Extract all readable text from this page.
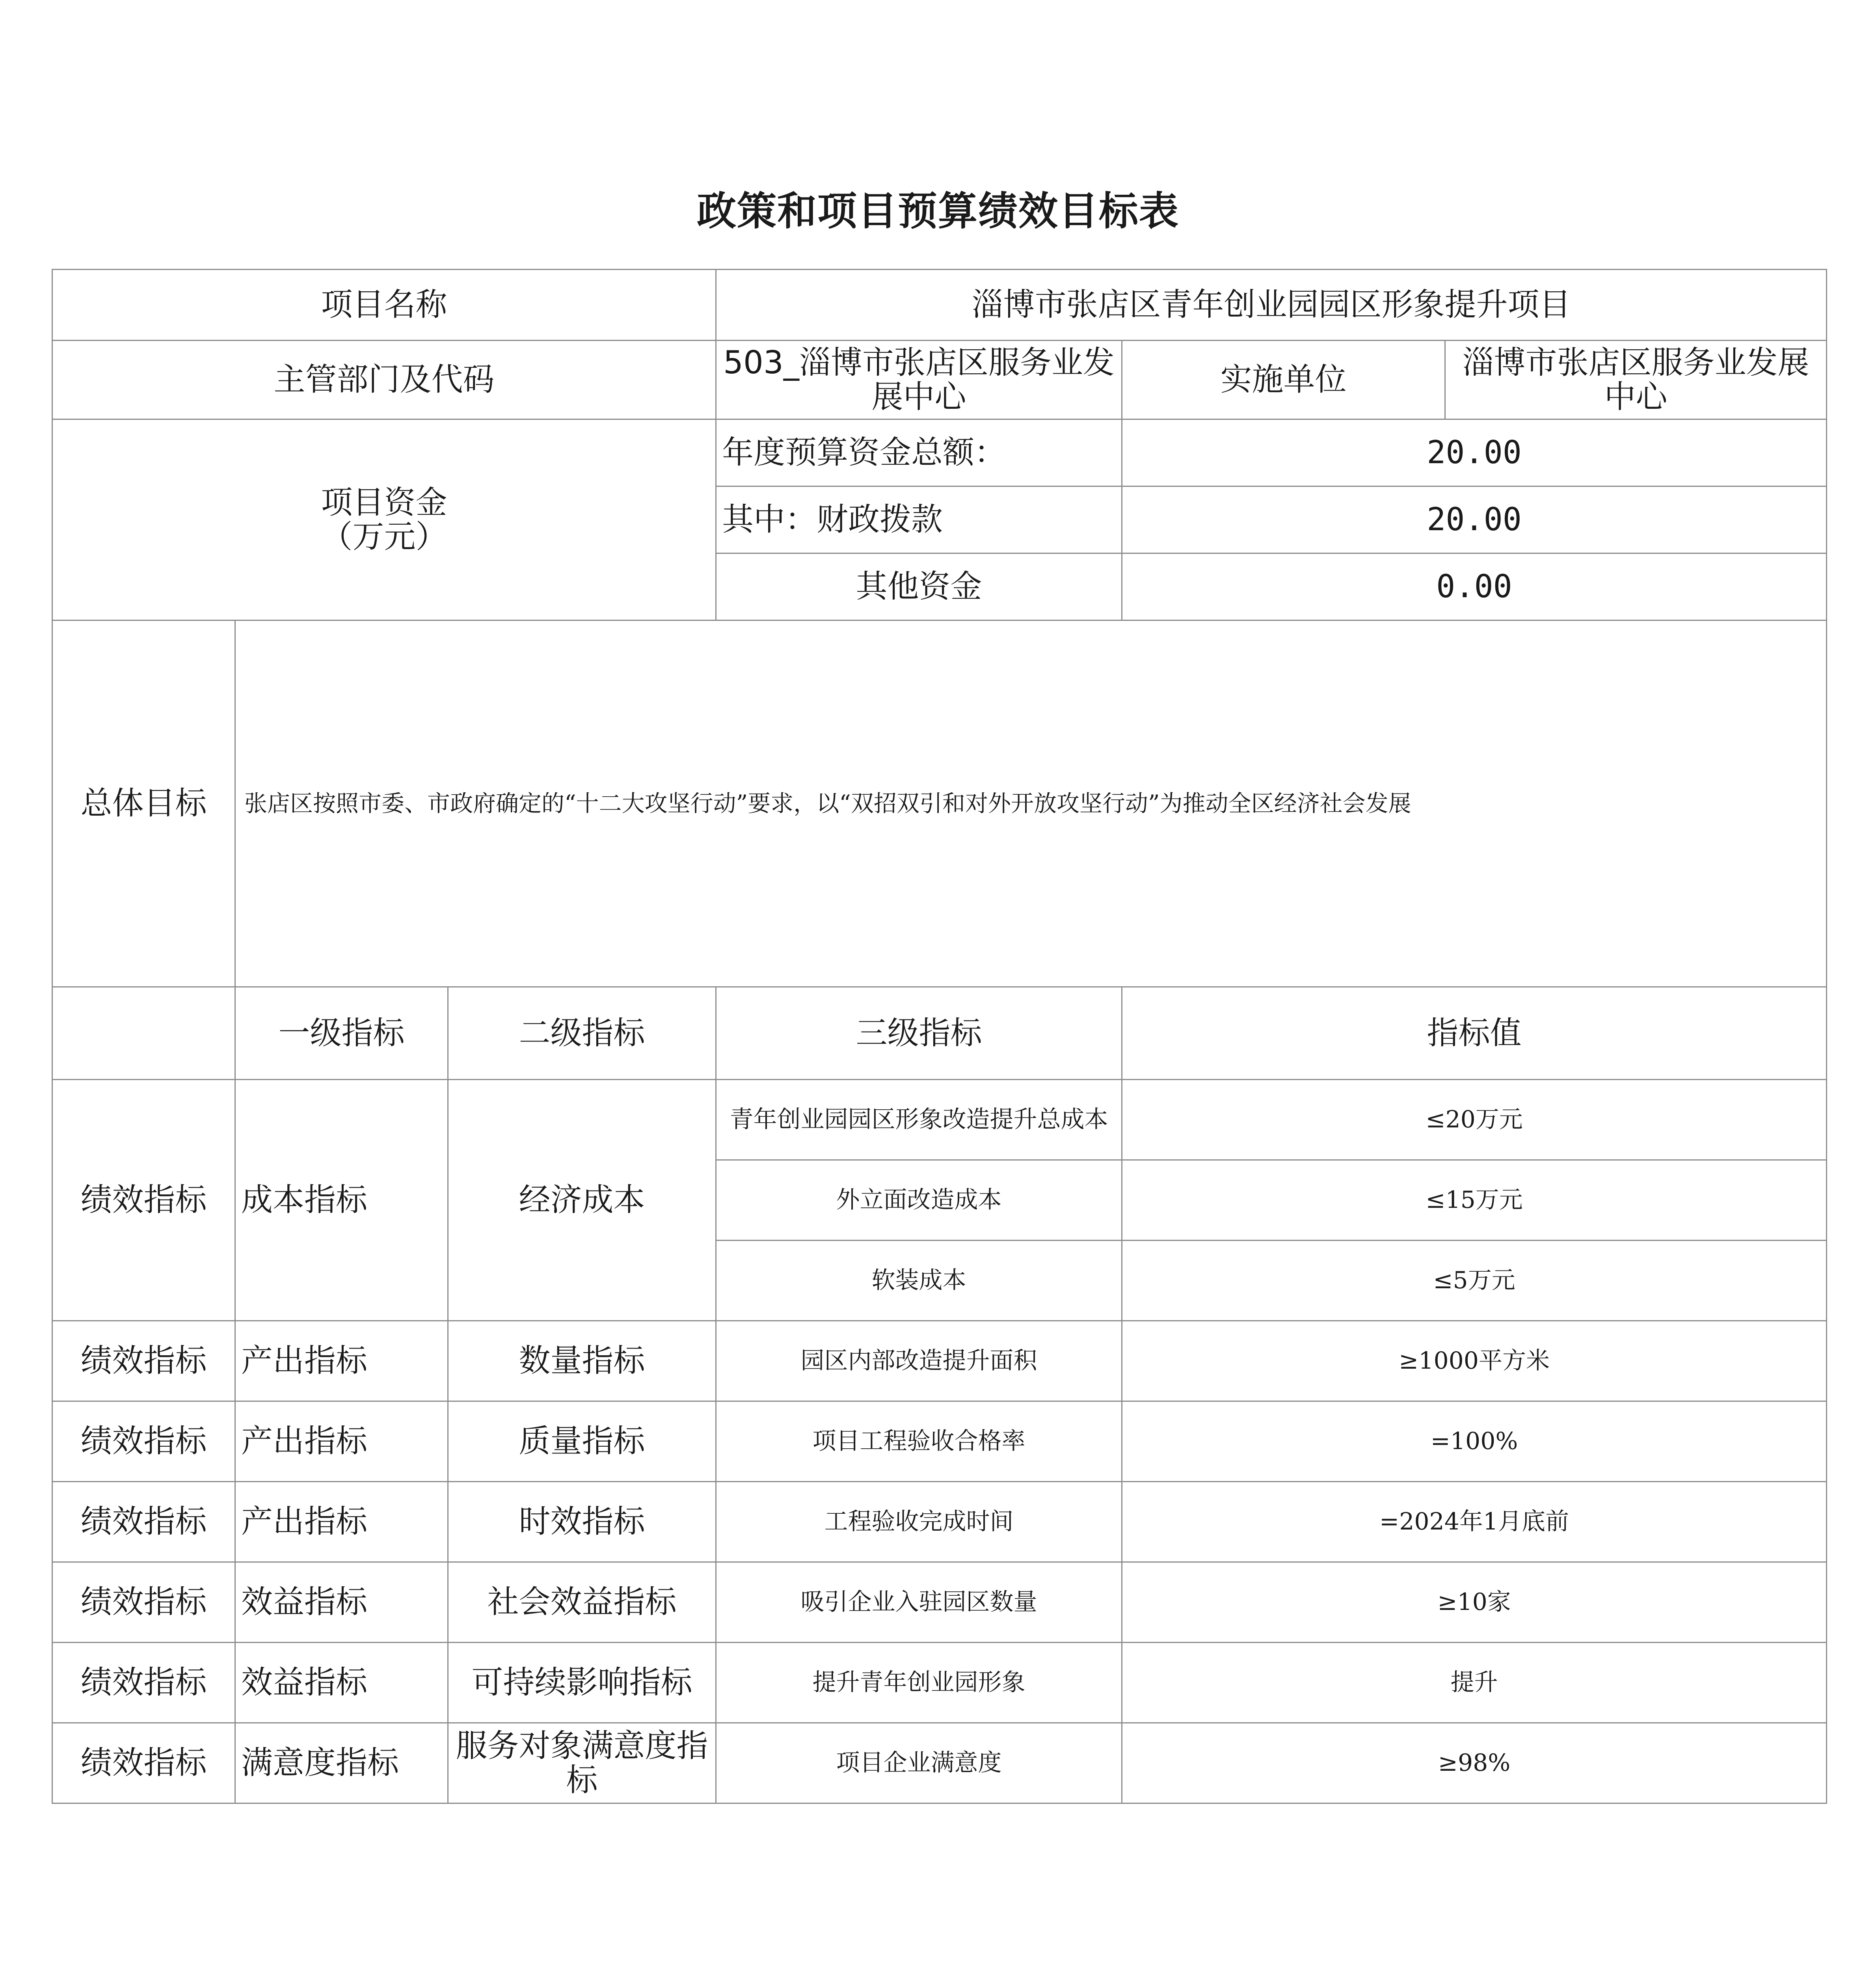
政策和项目预算绩效目标表
项目名称			淄博市张店区青年创业园园区形象提升项目		
主管部门及代码			503_淄博市张店区服务业发展中心	实施单位	淄博市张店区服务业发展中心

项目资金
（万元）			年度预算资金总额：	20.00	
			其中：财政拨款	20.00	
			其他资金	0.00	
总体目标	张店区按照市委、市政府确定的“十二大攻坚行动”要求，以“双招双引和对外开放攻坚行动”为推动全区经济社会发展				
	一级指标	二级指标	三级指标	指标值	
绩效指标	成本指标	经济成本	青年创业园园区形象改造提升总成本	≤20万元	
			外立面改造成本	≤15万元	
			软装成本	≤5万元	
绩效指标	产出指标	数量指标	园区内部改造提升面积	≥1000平方米	
绩效指标	产出指标	质量指标	项目工程验收合格率	=100%	
绩效指标	产出指标	时效指标	工程验收完成时间	=2024年1月底前	
绩效指标	效益指标	社会效益指标	吸引企业入驻园区数量	≥10家	
绩效指标	效益指标	可持续影响指标	提升青年创业园形象	提升	
绩效指标	满意度指标	服务对象满意度指标	项目企业满意度	≥98%	
